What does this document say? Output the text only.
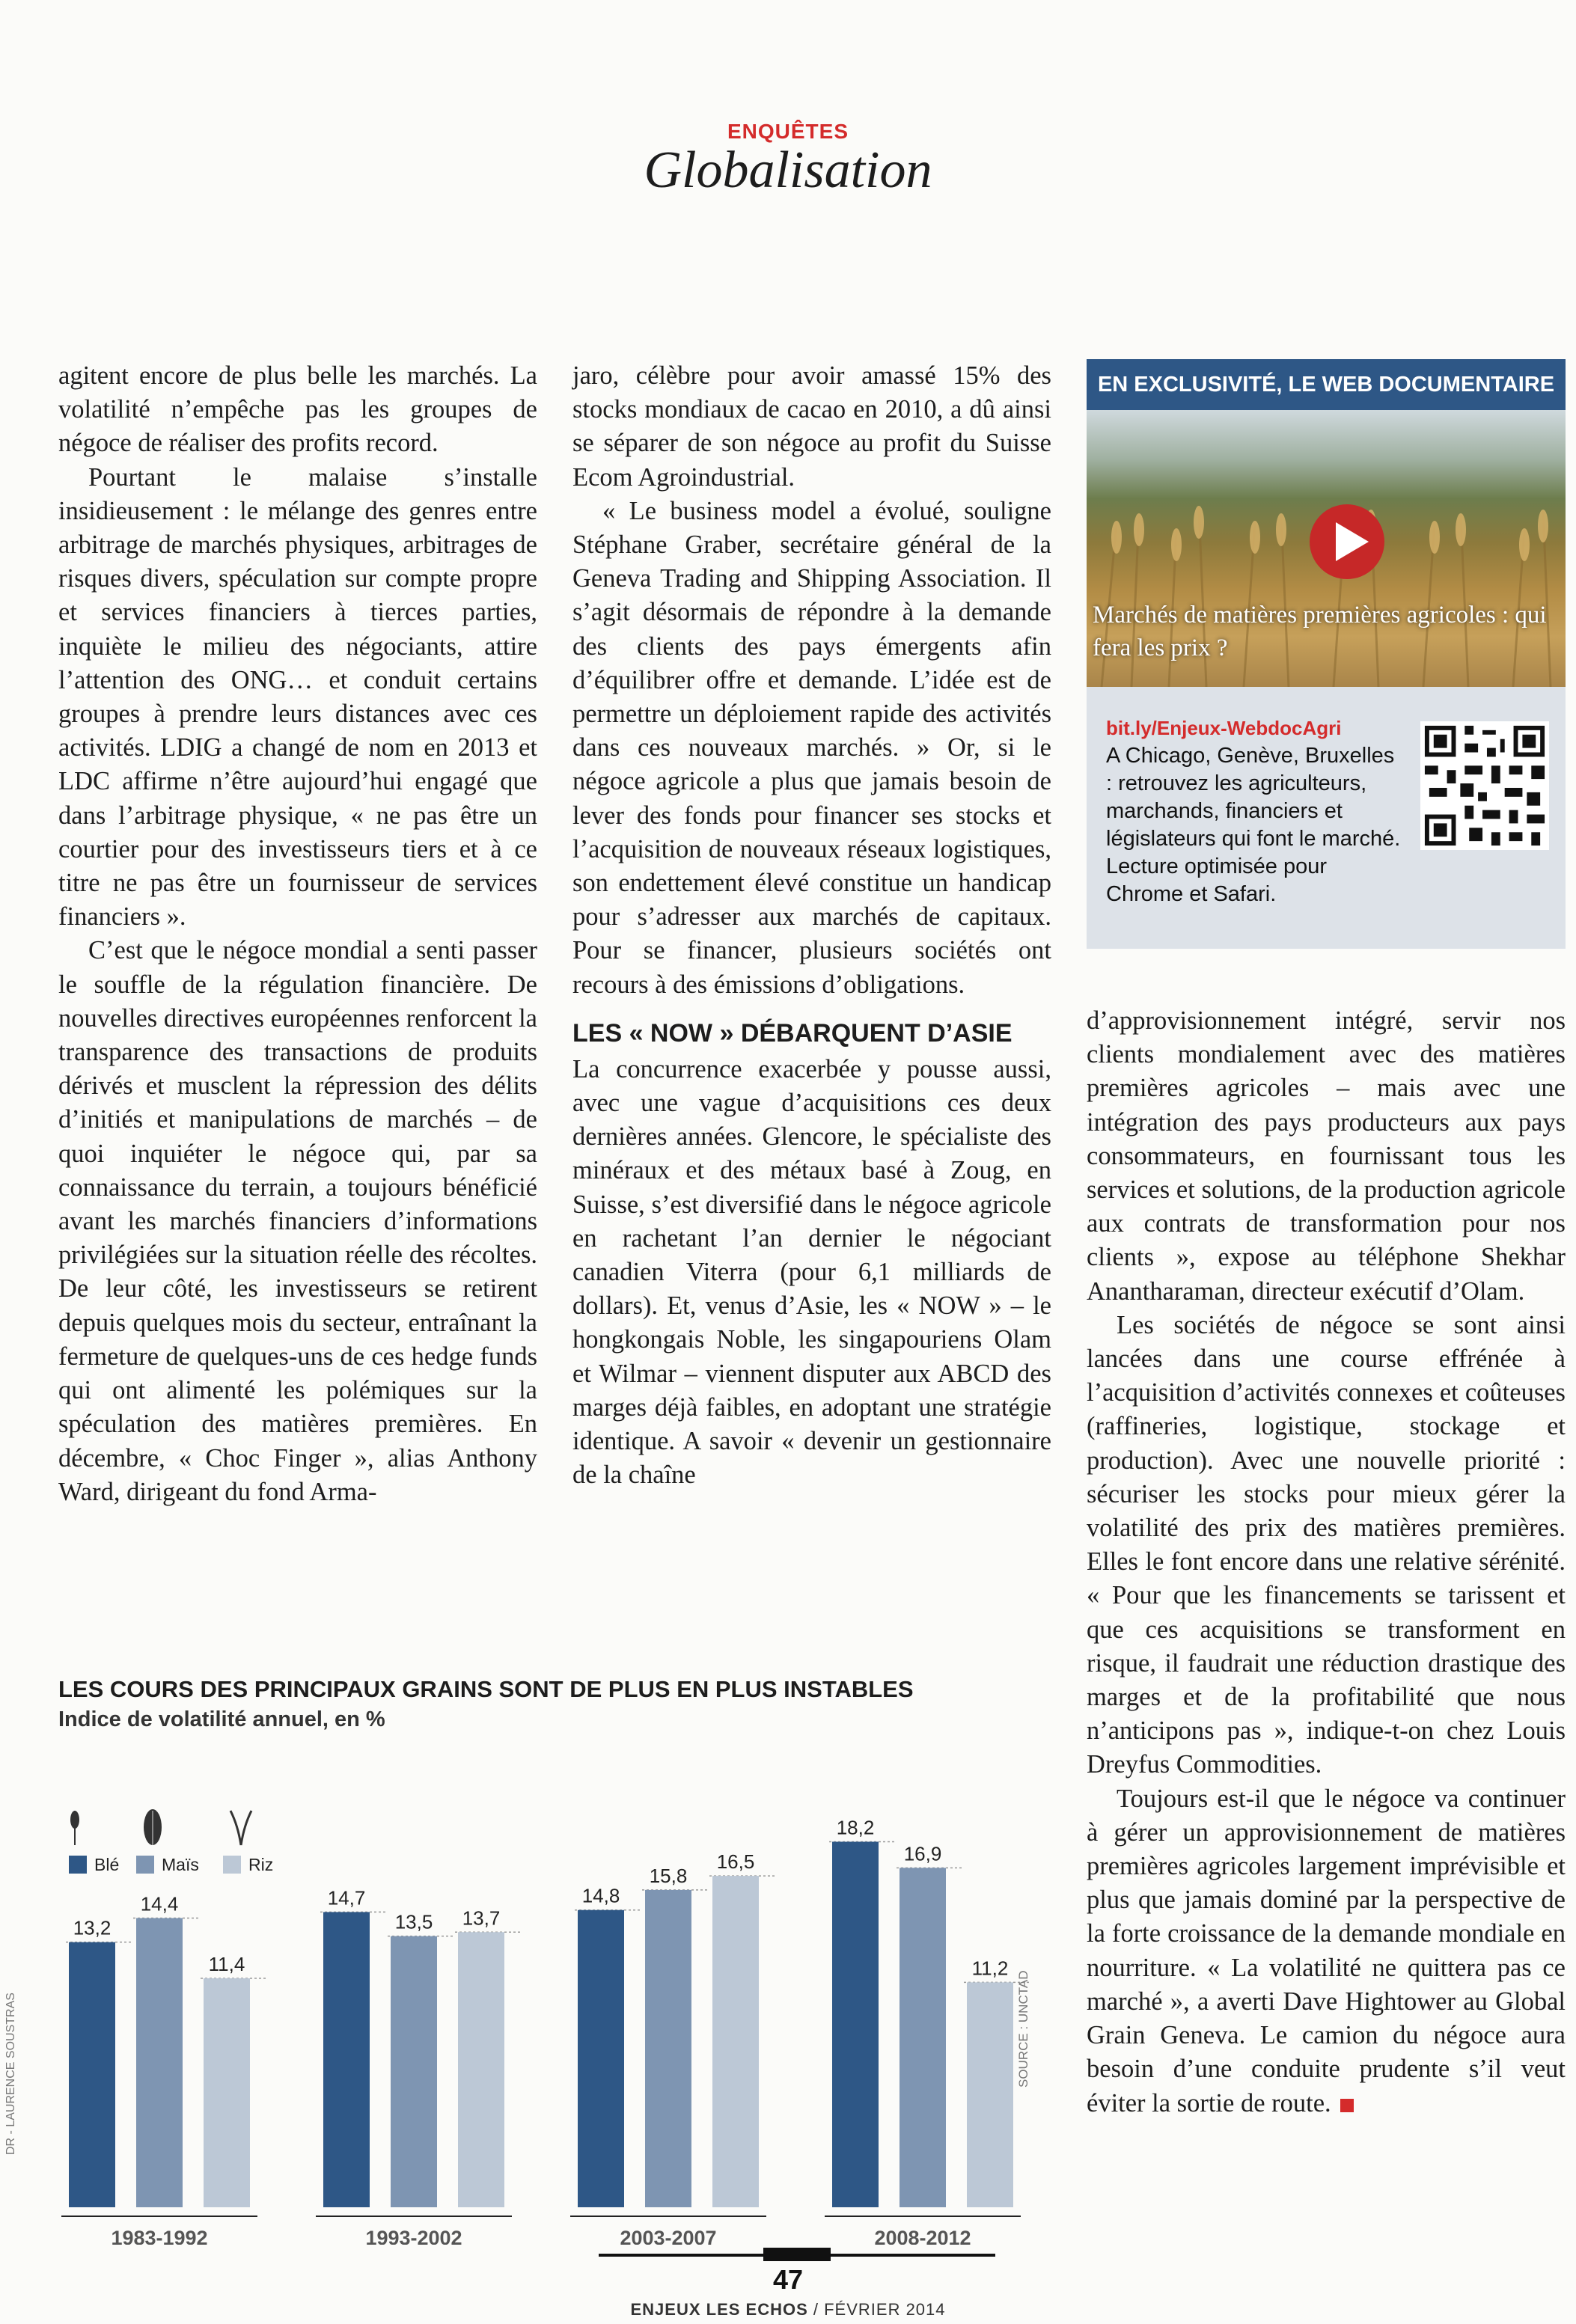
ENQUÊTES
Globalisation

agitent encore de plus belle les marchés. La volatilité n’empêche pas les groupes de négoce de réaliser des profits record.

Pourtant le malaise s’installe insidieusement : le mélange des genres entre arbitrage de marchés physiques, arbitrages de risques divers, spéculation sur compte propre et services financiers à tierces parties, inquiète le milieu des négociants, attire l’attention des ONG… et conduit certains groupes à prendre leurs distances avec ces activités. LDIG a changé de nom en 2013 et LDC affirme n’être aujourd’hui engagé que dans l’arbitrage physique, « ne pas être un courtier pour des investisseurs tiers et à ce titre ne pas être un fournisseur de services financiers ».

C’est que le négoce mondial a senti passer le souffle de la régulation financière. De nouvelles directives européennes renforcent la transparence des transactions de produits dérivés et musclent la répression des délits d’initiés et manipulations de marchés – de quoi inquiéter le négoce qui, par sa connaissance du terrain, a toujours bénéficié avant les marchés financiers d’informations privilégiées sur la situation réelle des récoltes. De leur côté, les investisseurs se retirent depuis quelques mois du secteur, entraînant la fermeture de quelques-uns de ces hedge funds qui ont alimenté les polémiques sur la spéculation des matières premières. En décembre, « Choc Finger », alias Anthony Ward, dirigeant du fond Arma-

jaro, célèbre pour avoir amassé 15% des stocks mondiaux de cacao en 2010, a dû ainsi se séparer de son négoce au profit du Suisse Ecom Agroindustrial.

« Le business model a évolué, souligne Stéphane Graber, secrétaire général de la Geneva Trading and Shipping Association. Il s’agit désormais de répondre à la demande des clients des pays émergents afin d’équilibrer offre et demande. L’idée est de permettre un déploiement rapide des activités dans ces nouveaux marchés. » Or, si le négoce agricole a plus que jamais besoin de lever des fonds pour financer ses stocks et l’acquisition de nouveaux réseaux logistiques, son endettement élevé constitue un handicap pour s’adresser aux marchés de capitaux. Pour se financer, plusieurs sociétés ont recours à des émissions d’obligations.

LES « NOW » DÉBARQUENT D’ASIE

La concurrence exacerbée y pousse aussi, avec une vague d’acquisitions ces deux dernières années. Glencore, le spécialiste des minéraux et des métaux basé à Zoug, en Suisse, s’est diversifié dans le négoce agricole en rachetant l’an dernier le négociant canadien Viterra (pour 6,1 milliards de dollars). Et, venus d’Asie, les « NOW » – le hongkongais Noble, les singapouriens Olam et Wilmar – viennent disputer aux ABCD des marges déjà faibles, en adoptant une stratégie identique. A savoir « devenir un gestionnaire de la chaîne

EN EXCLUSIVITÉ, LE WEB DOCUMENTAIRE
Marchés de matières premières agricoles : qui fera les prix ?
bit.ly/Enjeux-WebdocAgri
A Chicago, Genève, Bruxelles : retrouvez les agriculteurs, marchands, financiers et législateurs qui font le marché. Lecture optimisée pour Chrome et Safari.

d’approvisionnement intégré, servir nos clients mondialement avec des matières premières agricoles – mais avec une intégration des pays producteurs aux pays consommateurs, en fournissant tous les services et solutions, de la production agricole aux contrats de transformation pour nos clients », expose au téléphone Shekhar Anantharaman, directeur exécutif d’Olam.

Les sociétés de négoce se sont ainsi lancées dans une course effrénée à l’acquisition d’activités connexes et coûteuses (raffineries, logistique, stockage et production). Avec une nouvelle priorité : sécuriser les stocks pour mieux gérer la volatilité des prix des matières premières. Elles le font encore dans une relative sérénité. « Pour que les financements se tarissent et que ces acquisitions se transforment en risque, il faudrait une réduction drastique des marges et de la profitabilité que nous n’anticipons pas », indique-t-on chez Louis Dreyfus Commodities.

Toujours est-il que le négoce va continuer à gérer un approvisionnement de matières premières agricoles largement imprévisible et plus que jamais dominé par la perspective de la forte croissance de la demande mondiale en nourriture. « La volatilité ne quittera pas ce marché », a averti Dave Hightower au Global Grain Geneva. Le camion du négoce aura besoin d’une conduite prudente s’il veut éviter la sortie de route.

LES COURS DES PRINCIPAUX GRAINS SONT DE PLUS EN PLUS INSTABLES
Indice de volatilité annuel, en %
13,2
14,4
11,4
1983-1992
14,7
13,5 13,7
1993-2002
14,8
15,8
16,5
2003-2007
18,2
16,9
11,2
2008-2012
Blé Maïs	Riz
SOURCE : UNCTAD
DR - LAURENCE SOUSTRAS
47
ENJEUX LES ECHOS / FÉVRIER 2014
